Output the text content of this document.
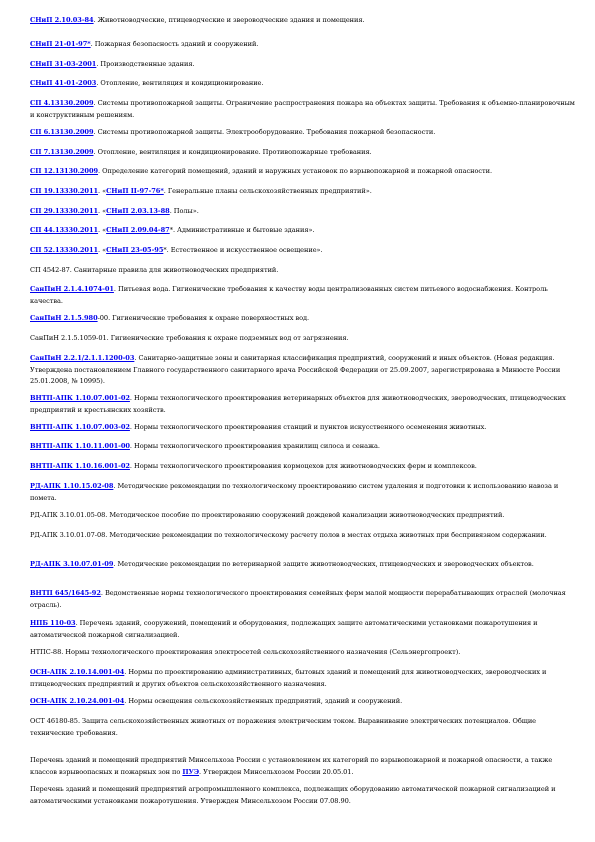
СНиП 2.10.03-84. Животноводческие, птицеводческие и звероводческие здания и помещения.
СНиП 21-01-97*. Пожарная безопасность зданий и сооружений.
СНиП 31-03-2001. Производственные здания.
СНиП 41-01-2003. Отопление, вентиляция и кондиционирование.
СП 4.13130.2009. Системы противопожарной защиты. Ограничение распространения пожара на объектах защиты. Требования к объемно-планировочным и конструктивным решениям.
СП 6.13130.2009. Системы противопожарной защиты. Электрооборудование. Требования пожарной безопасности.
СП 7.13130.2009. Отопление, вентиляция и кондиционирование. Противопожарные требования.
СП 12.13130.2009. Определение категорий помещений, зданий и наружных установок по взрывопожарной и пожарной опасности.
СП 19.13330.2011. «СНиП II-97-76*. Генеральные планы сельскохозяйственных предприятий».
СП 29.13330.2011. «СНиП 2.03.13-88. Полы».
СП 44.13330.2011. «СНиП 2.09.04-87*. Административные и бытовые здания».
СП 52.13330.2011. «СНиП 23-05-95*. Естественное и искусственное освещение».
СП 4542-87. Санитарные правила для животноводческих предприятий.
СанПиН 2.1.4.1074-01. Питьевая вода. Гигиенические требования к качеству воды централизованных систем питьевого водоснабжения. Контроль качества.
СанПиН 2.1.5.980-00. Гигиенические требования к охране поверхностных вод.
СанПиН 2.1.5.1059-01. Гигиенические требования к охране подземных вод от загрязнения.
СанПиН 2.2.1/2.1.1.1200-03. Санитарно-защитные зоны и санитарная классификация предприятий, сооружений и иных объектов. (Новая редакция. Утверждена постановлением Главного государственного санитарного врача Российской Федерации от 25.09.2007, зарегистрирована в Минюсте России 25.01.2008, № 10995).
ВНТП-АПК 1.10.07.001-02. Нормы технологического проектирования ветеринарных объектов для животноводческих, звероводческих, птицеводческих предприятий и крестьянских хозяйств.
ВНТП-АПК 1.10.07.003-02. Нормы технологического проектирования станций и пунктов искусственного осеменения животных.
ВНТП-АПК 1.10.11.001-00. Нормы технологического проектирования хранилищ силоса и сенажа.
ВНТП-АПК 1.10.16.001-02. Нормы технологического проектирования кормоцехов для животноводческих ферм и комплексов.
РД-АПК 1.10.15.02-08. Методические рекомендации по технологическому проектированию систем удаления и подготовки к использованию навоза и помета.
РД-АПК 3.10.01.05-08. Методическое пособие по проектированию сооружений дождевой канализации животноводческих предприятий.
РД-АПК 3.10.01.07-08. Методические рекомендации по технологическому расчету полов в местах отдыха животных при беспривязном содержании.
РД-АПК 3.10.07.01-09. Методические рекомендации по ветеринарной защите животноводческих, птицеводческих и звероводческих объектов.
ВНТП 645/1645-92. Ведомственные нормы технологического проектирования семейных ферм малой мощности перерабатывающих отраслей (молочная отрасль).
НПБ 110-03. Перечень зданий, сооружений, помещений и оборудования, подлежащих защите автоматическими установками пожаротушения и автоматической пожарной сигнализацией.
НТПС-88. Нормы технологического проектирования электросетей сельскохозяйственного назначения (Сельэнергопроект).
ОСН-АПК 2.10.14.001-04. Нормы по проектированию административных, бытовых зданий и помещений для животноводческих, звероводческих и птицеводческих предприятий и других объектов сельскохозяйственного назначения.
ОСН-АПК 2.10.24.001-04. Нормы освещения сельскохозяйственных предприятий, зданий и сооружений.
ОСТ 46180-85. Защита сельскохозяйственных животных от поражения электрическим током. Выравнивание электрических потенциалов. Общие технические требования.
Перечень зданий и помещений предприятий Минсельхоза России с установлением их категорий по взрывопожарной и пожарной опасности, а также классов взрывоопасных и пожарных зон по ПУЭ. Утвержден Минсельхозом России 20.05.01.
Перечень зданий и помещений предприятий агропромышленного комплекса, подлежащих оборудованию автоматической пожарной сигнализацией и автоматическими установками пожаротушения. Утвержден Минсельхозом России 07.08.90.
